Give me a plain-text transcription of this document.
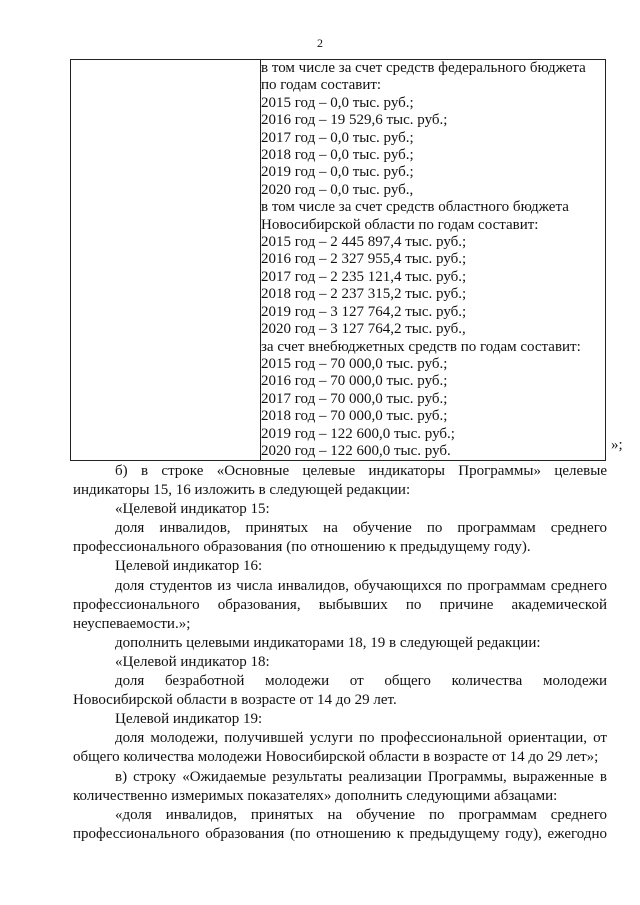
2

в том числе за счет средств федерального бюджета
по годам составит:
2015 год – 0,0 тыс. руб.;
2016 год – 19 529,6 тыс. руб.;
2017 год – 0,0 тыс. руб.;
2018 год – 0,0 тыс. руб.;
2019 год – 0,0 тыс. руб.;
2020 год – 0,0 тыс. руб.,
в том числе за счет средств областного бюджета
Новосибирской области по годам составит:
2015 год – 2 445 897,4 тыс. руб.;
2016 год – 2 327 955,4 тыс. руб.;
2017 год – 2 235 121,4 тыс. руб.;
2018 год – 2 237 315,2 тыс. руб.;
2019 год – 3 127 764,2 тыс. руб.;
2020 год – 3 127 764,2 тыс. руб.,
за счет внебюджетных средств по годам составит:
2015 год – 70 000,0 тыс. руб.;
2016 год – 70 000,0 тыс. руб.;
2017 год – 70 000,0 тыс. руб.;
2018 год – 70 000,0 тыс. руб.;
2019 год – 122 600,0 тыс. руб.;
2020 год – 122 600,0 тыс. руб.	»;

б) в строке «Основные целевые индикаторы Программы» целевые индикаторы 15, 16 изложить в следующей редакции:

«Целевой индикатор 15:

доля инвалидов, принятых на обучение по программам среднего профессионального образования (по отношению к предыдущему году).

Целевой индикатор 16:

доля студентов из числа инвалидов, обучающихся по программам среднего профессионального образования, выбывших по причине академической неуспеваемости.»;

дополнить целевыми индикаторами 18, 19 в следующей редакции:

«Целевой индикатор 18:

доля безработной молодежи от общего количества молодежи Новосибирской области в возрасте от 14 до 29 лет.

Целевой индикатор 19:

доля молодежи, получившей услуги по профессиональной ориентации, от общего количества молодежи Новосибирской области в возрасте от 14 до 29 лет»;

в) строку «Ожидаемые результаты реализации Программы, выраженные в количественно измеримых показателях» дополнить следующими абзацами:

«доля инвалидов, принятых на обучение по программам среднего профессионального образования (по отношению к предыдущему году), ежегодно
